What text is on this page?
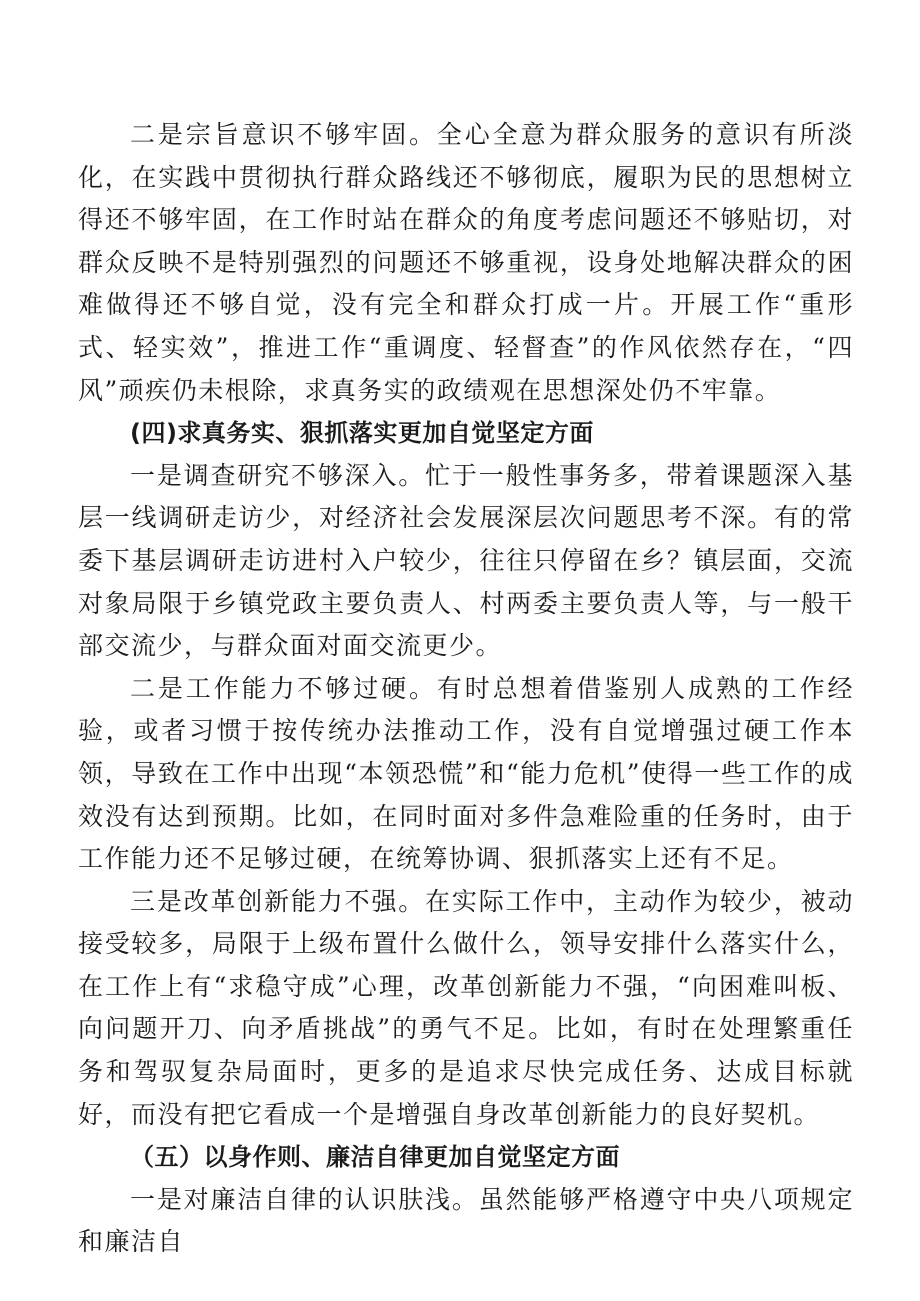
二是宗旨意识不够牢固。全心全意为群众服务的意识有所淡化，在实践中贯彻执行群众路线还不够彻底，履职为民的思想树立得还不够牢固，在工作时站在群众的角度考虑问题还不够贴切，对群众反映不是特别强烈的问题还不够重视，设身处地解决群众的困难做得还不够自觉，没有完全和群众打成一片。开展工作“重形式、轻实效”，推进工作“重调度、轻督查”的作风依然存在，“四风”顽疾仍未根除，求真务实的政绩观在思想深处仍不牢靠。

(四)求真务实、狠抓落实更加自觉坚定方面

一是调查研究不够深入。忙于一般性事务多，带着课题深入基层一线调研走访少，对经济社会发展深层次问题思考不深。有的常委下基层调研走访进村入户较少，往往只停留在乡？镇层面，交流对象局限于乡镇党政主要负责人、村两委主要负责人等，与一般干部交流少，与群众面对面交流更少。

二是工作能力不够过硬。有时总想着借鉴别人成熟的工作经验，或者习惯于按传统办法推动工作，没有自觉增强过硬工作本领，导致在工作中出现“本领恐慌”和“能力危机”使得一些工作的成效没有达到预期。比如，在同时面对多件急难险重的任务时，由于工作能力还不足够过硬，在统筹协调、狠抓落实上还有不足。

三是改革创新能力不强。在实际工作中，主动作为较少，被动接受较多，局限于上级布置什么做什么，领导安排什么落实什么，在工作上有“求稳守成”心理，改革创新能力不强，“向困难叫板、向问题开刀、向矛盾挑战”的勇气不足。比如，有时在处理繁重任务和驾驭复杂局面时，更多的是追求尽快完成任务、达成目标就好，而没有把它看成一个是增强自身改革创新能力的良好契机。

（五）以身作则、廉洁自律更加自觉坚定方面

一是对廉洁自律的认识肤浅。虽然能够严格遵守中央八项规定和廉洁自
